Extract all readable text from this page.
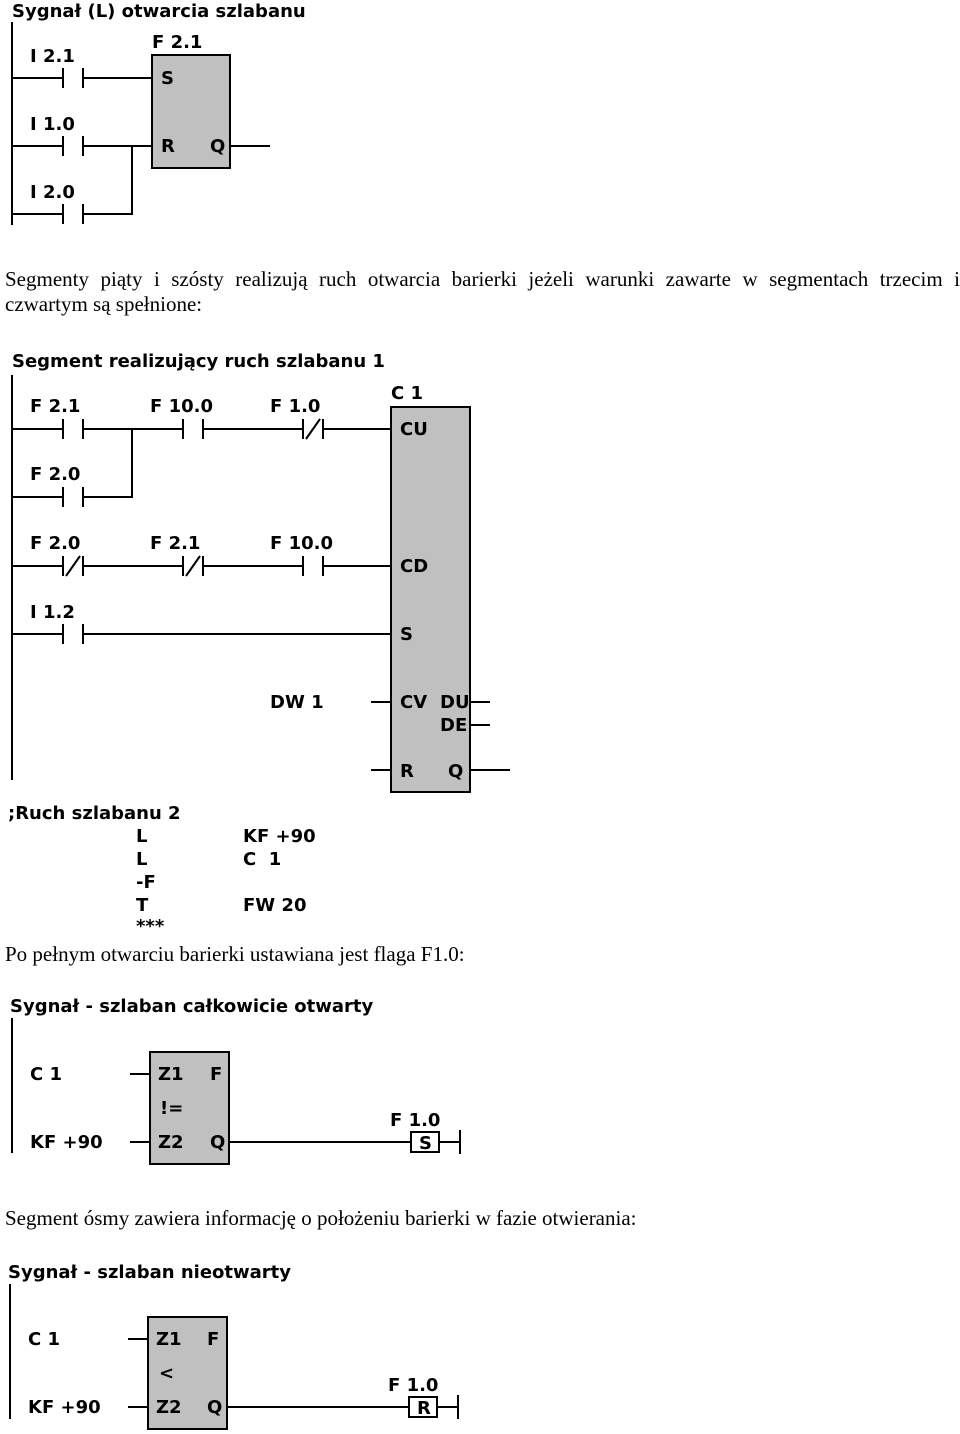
Sygnał (L) otwarcia szlabanu
I 2.1
I 1.0
I 2.0
F 2.1
S
R Q

Segmenty piąty i szósty realizują ruch otwarcia barierki jeżeli warunki zawarte w segmentach trzecim i czwartym są spełnione:

Segment realizujący ruch szlabanu 1
F 2.1	F 10.0	F 1.0
F 2.0
F 2.0	F 2.1	F 10.0
I 1.2
DW 1
C 1
CU
CD
S
CV DU
DE
R Q
;Ruch szlabanu 2
L	KF +90
L	C  1
-F
T	FW 20
***

Po pełnym otwarciu barierki ustawiana jest flaga F1.0:

Sygnał - szlaban całkowicie otwarty
C 1
KF +90
Z1 F
!=
Z2 Q
F 1.0
S

Segment ósmy zawiera informację o położeniu barierki w fazie otwierania:

Sygnał - szlaban nieotwarty
C 1
KF +90
Z1 F
<
Z2 Q
F 1.0
R
